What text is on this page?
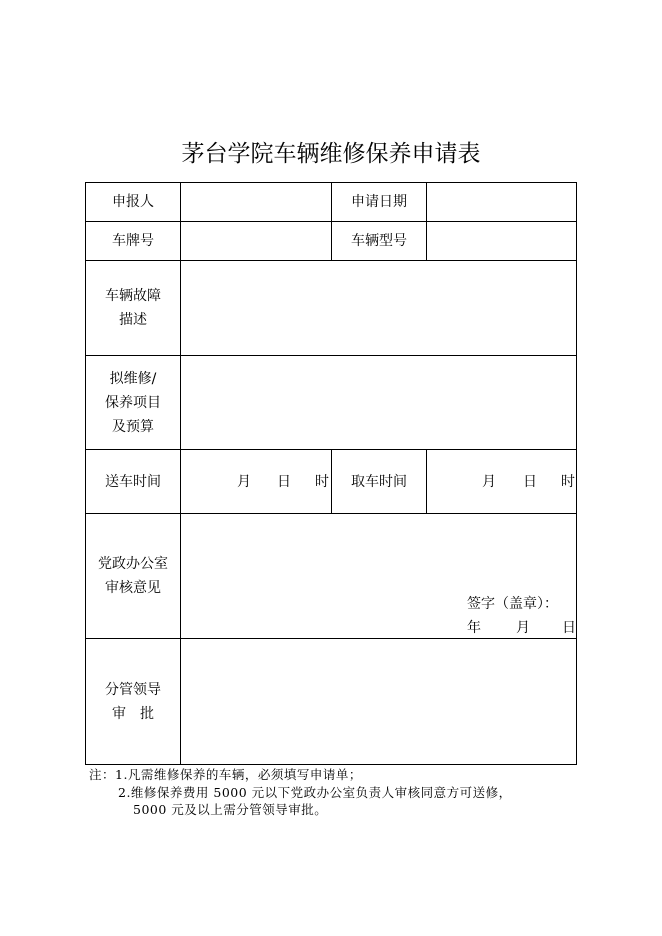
茅台学院车辆维修保养申请表
申报人	申请日期
车牌号	车辆型号
车辆故障
描述
拟维修/
保养项目
及预算
送车时间	月 日 时 取车时间	月 日 时
党政办公室
审核意见
签字（盖章）：
年	月 日
分管领导
审　批
注：1.凡需维修保养的车辆，必须填写申请单；
2.维修保养费用 5000 元以下党政办公室负责人审核同意方可送修，
5000 元及以上需分管领导审批。
